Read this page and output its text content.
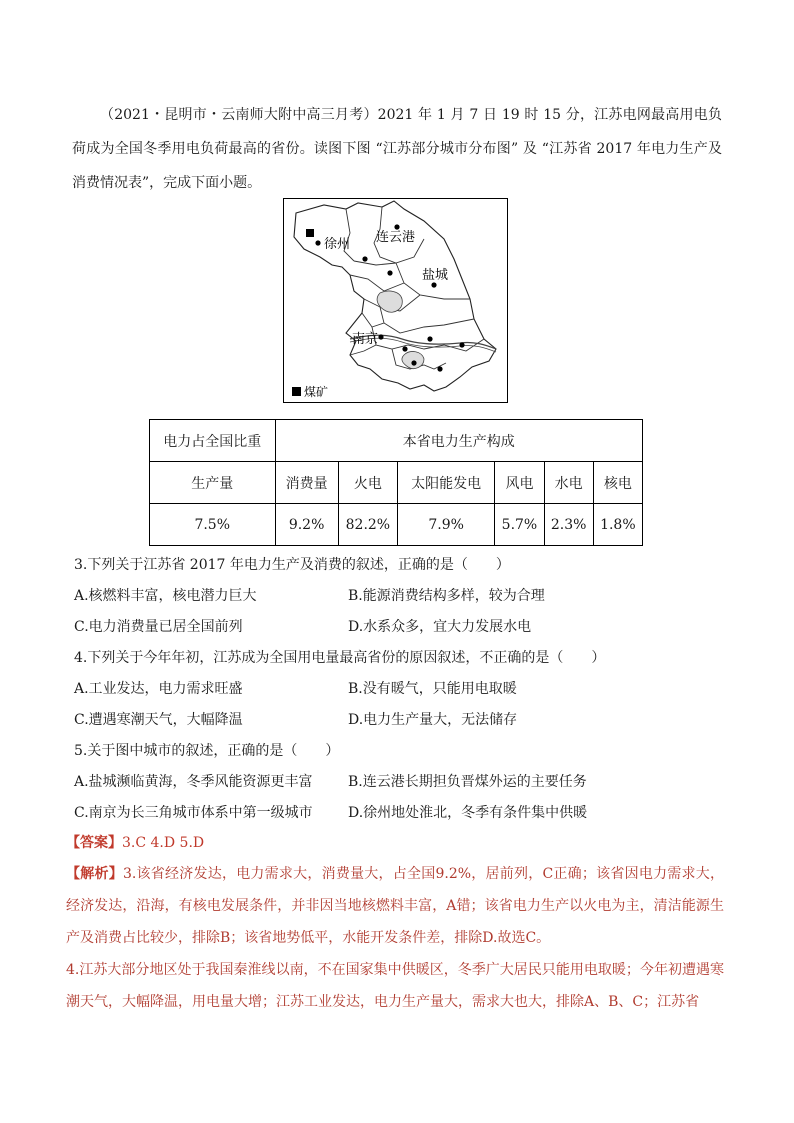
（2021・昆明市・云南师大附中高三月考）2021 年 1 月 7 日 19 时 15 分，江苏电网最高用电负荷成为全国冬季用电负荷最高的省份。读图下图 “江苏部分城市分布图” 及 “江苏省 2017 年电力生产及消费情况表”，完成下面小题。

徐州 连云港
盐城
南京
煤矿
电力占全国比重	本省电力生产构成					
生产量	消费量	火电	太阳能发电	风电	水电	核电
7.5%	9.2%	82.2%	7.9%	5.7%	2.3%	1.8%

3.下列关于江苏省 2017 年电力生产及消费的叙述，正确的是（　　）

A.核燃料丰富，核电潜力巨大	B.能源消费结构多样，较为合理

C.电力消费量已居全国前列	D.水系众多，宜大力发展水电

4.下列关于今年年初，江苏成为全国用电量最高省份的原因叙述，不正确的是（　　）

A.工业发达，电力需求旺盛	B.没有暖气，只能用电取暖

C.遭遇寒潮天气，大幅降温	D.电力生产量大，无法储存

5.关于图中城市的叙述，正确的是（　　）

A.盐城濒临黄海，冬季风能资源更丰富	B.连云港长期担负晋煤外运的主要任务

C.南京为长三角城市体系中第一级城市	D.徐州地处淮北，冬季有条件集中供暖

【答案】3.C 4.D 5.D

【解析】3.该省经济发达，电力需求大，消费量大，占全国9.2%，居前列，C正确；该省因电力需求大，经济发达，沿海，有核电发展条件，并非因当地核燃料丰富，A错；该省电力生产以火电为主，清洁能源生产及消费占比较少，排除B；该省地势低平，水能开发条件差，排除D.故选C。

4.江苏大部分地区处于我国秦淮线以南，不在国家集中供暖区，冬季广大居民只能用电取暖；今年初遭遇寒潮天气，大幅降温，用电量大增；江苏工业发达，电力生产量大，需求大也大，排除A、B、C；江苏省
